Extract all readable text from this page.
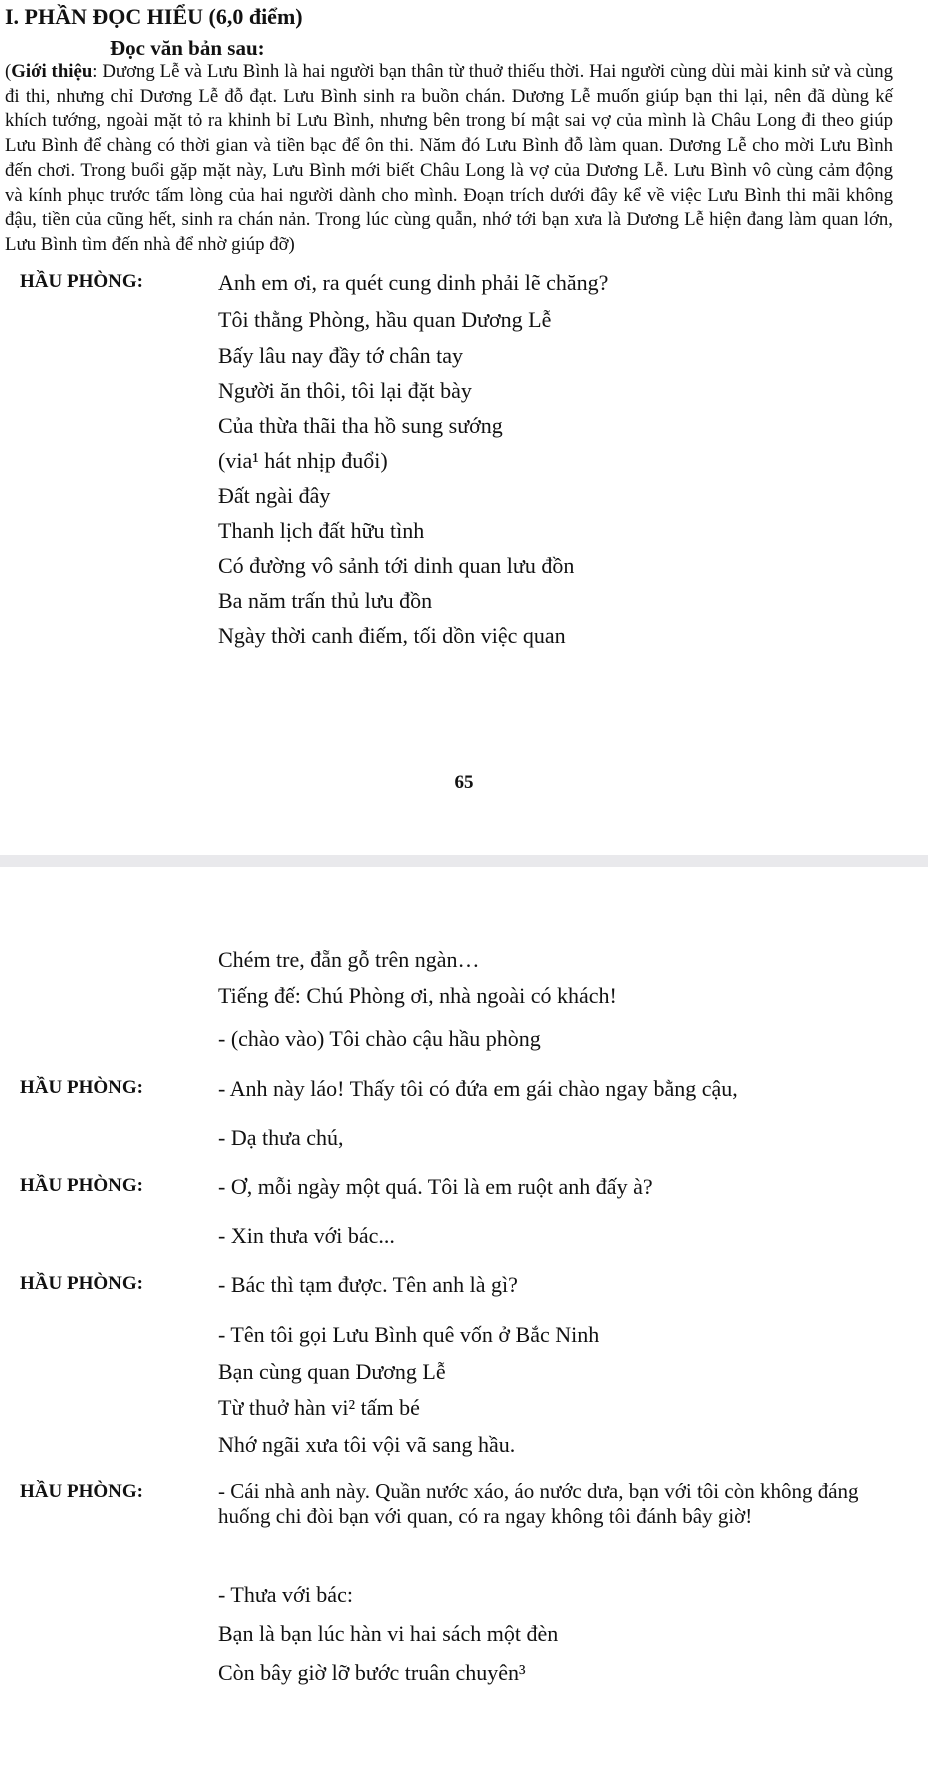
I. PHẦN ĐỌC HIỂU (6,0 điểm)
Đọc văn bản sau:

(Giới thiệu: Dương Lễ và Lưu Bình là hai người bạn thân từ thuở thiếu thời. Hai người cùng dùi mài kinh sử và cùng đi thi, nhưng chỉ Dương Lễ đỗ đạt. Lưu Bình sinh ra buồn chán. Dương Lễ muốn giúp bạn thi lại, nên đã dùng kế khích tướng, ngoài mặt tỏ ra khinh bỉ Lưu Bình, nhưng bên trong bí mật sai vợ của mình là Châu Long đi theo giúp Lưu Bình để chàng có thời gian và tiền bạc để ôn thi. Năm đó Lưu Bình đỗ làm quan. Dương Lễ cho mời Lưu Bình đến chơi. Trong buổi gặp mặt này, Lưu Bình mới biết Châu Long là vợ của Dương Lễ. Lưu Bình vô cùng cảm động và kính phục trước tấm lòng của hai người dành cho mình. Đoạn trích dưới đây kể về việc Lưu Bình thi mãi không đậu, tiền của cũng hết, sinh ra chán nản. Trong lúc cùng quẫn, nhớ tới bạn xưa là Dương Lễ hiện đang làm quan lớn, Lưu Bình tìm đến nhà để nhờ giúp đỡ)

HẦU PHÒNG:	Anh em ơi, ra quét cung dinh phải lẽ chăng?
Tôi thằng Phòng, hầu quan Dương Lễ
Bấy lâu nay đầy tớ chân tay
Người ăn thôi, tôi lại đặt bày
Của thừa thãi tha hồ sung sướng
(via¹ hát nhịp đuổi)
Đất ngài đây
Thanh lịch đất hữu tình
Có đường vô sảnh tới dinh quan lưu đồn
Ba năm trấn thủ lưu đồn
Ngày thời canh điếm, tối dồn việc quan
65
Chém tre, đẵn gỗ trên ngàn…
Tiếng đế: Chú Phòng ơi, nhà ngoài có khách!
- (chào vào) Tôi chào cậu hầu phòng
HẦU PHÒNG:	- Anh này láo! Thấy tôi có đứa em gái chào ngay bằng cậu,
- Dạ thưa chú,
HẦU PHÒNG:	- Ơ, mỗi ngày một quá. Tôi là em ruột anh đấy à?
- Xin thưa với bác...
HẦU PHÒNG:	- Bác thì tạm được. Tên anh là gì?
- Tên tôi gọi Lưu Bình quê vốn ở Bắc Ninh
Bạn cùng quan Dương Lễ
Từ thuở hàn vi² tấm bé
Nhớ ngãi xưa tôi vội vã sang hầu.
HẦU PHÒNG:	- Cái nhà anh này. Quần nước xáo, áo nước dưa, bạn với tôi còn không đáng huống chi đòi bạn với quan, có ra ngay không tôi đánh bây giờ!

- Thưa với bác:
Bạn là bạn lúc hàn vi hai sách một đèn
Còn bây giờ lỡ bước truân chuyên³
